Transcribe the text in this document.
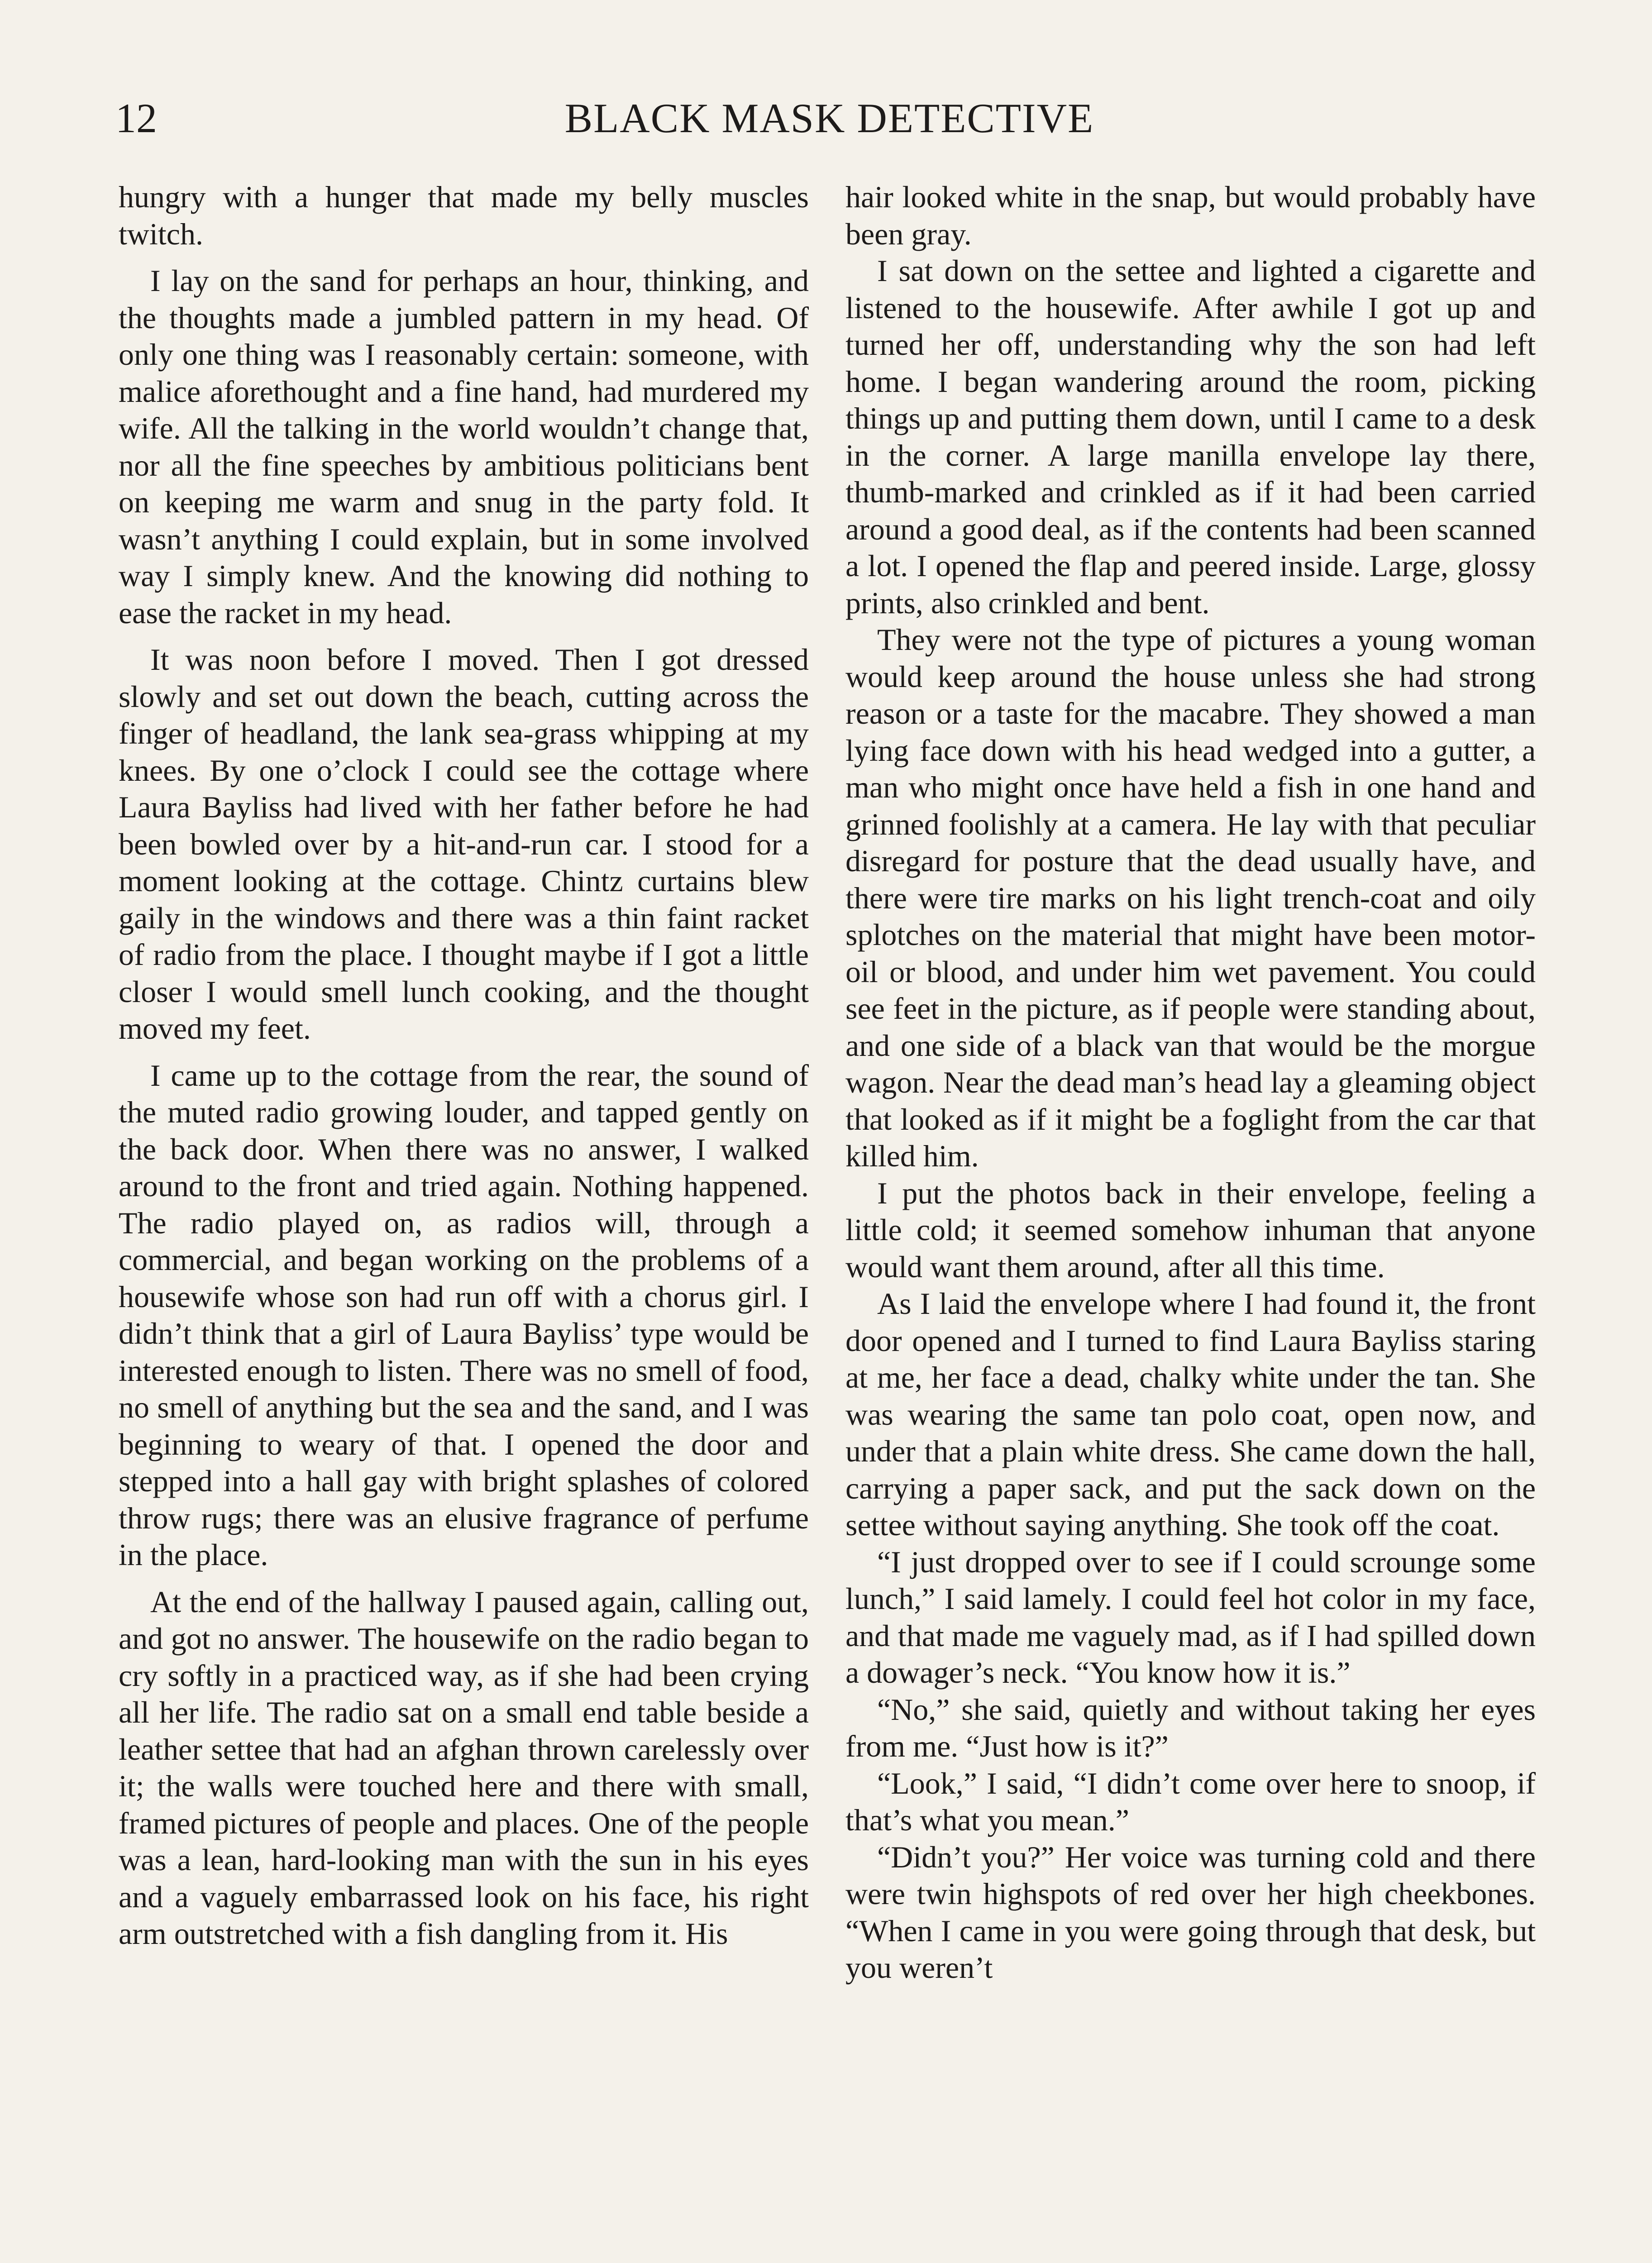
12	BLACK MASK DETECTIVE

hungry with a hunger that made my belly muscles twitch.

I lay on the sand for perhaps an hour, thinking, and the thoughts made a jumbled pattern in my head. Of only one thing was I reasonably certain: someone, with malice aforethought and a fine hand, had murdered my wife. All the talking in the world wouldn’t change that, nor all the fine speeches by ambitious politicians bent on keeping me warm and snug in the party fold. It wasn’t anything I could explain, but in some involved way I simply knew. And the knowing did nothing to ease the racket in my head.

It was noon before I moved. Then I got dressed slowly and set out down the beach, cutting across the finger of headland, the lank sea-grass whipping at my knees. By one o’clock I could see the cottage where Laura Bayliss had lived with her father before he had been bowled over by a hit-and-run car. I stood for a moment looking at the cottage. Chintz curtains blew gaily in the windows and there was a thin faint racket of radio from the place. I thought maybe if I got a little closer I would smell lunch cooking, and the thought moved my feet.

I came up to the cottage from the rear, the sound of the muted radio growing louder, and tapped gently on the back door. When there was no answer, I walked around to the front and tried again. Nothing happened. The radio played on, as radios will, through a commercial, and began working on the problems of a housewife whose son had run off with a chorus girl. I didn’t think that a girl of Laura Bayliss’ type would be interested enough to listen. There was no smell of food, no smell of anything but the sea and the sand, and I was beginning to weary of that. I opened the door and stepped into a hall gay with bright splashes of colored throw rugs; there was an elusive fragrance of perfume in the place.

At the end of the hallway I paused again, calling out, and got no answer. The housewife on the radio began to cry softly in a practiced way, as if she had been crying all her life. The radio sat on a small end table beside a leather settee that had an afghan thrown carelessly over it; the walls were touched here and there with small, framed pictures of people and places. One of the people was a lean, hard-looking man with the sun in his eyes and a vaguely embarrassed look on his face, his right arm outstretched with a fish dangling from it. His

hair looked white in the snap, but would probably have been gray.

I sat down on the settee and lighted a cigarette and listened to the housewife. After awhile I got up and turned her off, understanding why the son had left home. I began wandering around the room, picking things up and putting them down, until I came to a desk in the corner. A large manilla envelope lay there, thumb-marked and crinkled as if it had been carried around a good deal, as if the contents had been scanned a lot. I opened the flap and peered inside. Large, glossy prints, also crinkled and bent.

They were not the type of pictures a young woman would keep around the house unless she had strong reason or a taste for the macabre. They showed a man lying face down with his head wedged into a gutter, a man who might once have held a fish in one hand and grinned foolishly at a camera. He lay with that peculiar disregard for posture that the dead usually have, and there were tire marks on his light trench-coat and oily splotches on the material that might have been motor-oil or blood, and under him wet pavement. You could see feet in the picture, as if people were standing about, and one side of a black van that would be the morgue wagon. Near the dead man’s head lay a gleaming object that looked as if it might be a foglight from the car that killed him.

I put the photos back in their envelope, feeling a little cold; it seemed somehow inhuman that anyone would want them around, after all this time.

As I laid the envelope where I had found it, the front door opened and I turned to find Laura Bayliss staring at me, her face a dead, chalky white under the tan. She was wearing the same tan polo coat, open now, and under that a plain white dress. She came down the hall, carrying a paper sack, and put the sack down on the settee without saying anything. She took off the coat.

“I just dropped over to see if I could scrounge some lunch,” I said lamely. I could feel hot color in my face, and that made me vaguely mad, as if I had spilled down a dowager’s neck. “You know how it is.”

“No,” she said, quietly and without taking her eyes from me. “Just how is it?”

“Look,” I said, “I didn’t come over here to snoop, if that’s what you mean.”

“Didn’t you?” Her voice was turning cold and there were twin highspots of red over her high cheekbones. “When I came in you were going through that desk, but you weren’t
